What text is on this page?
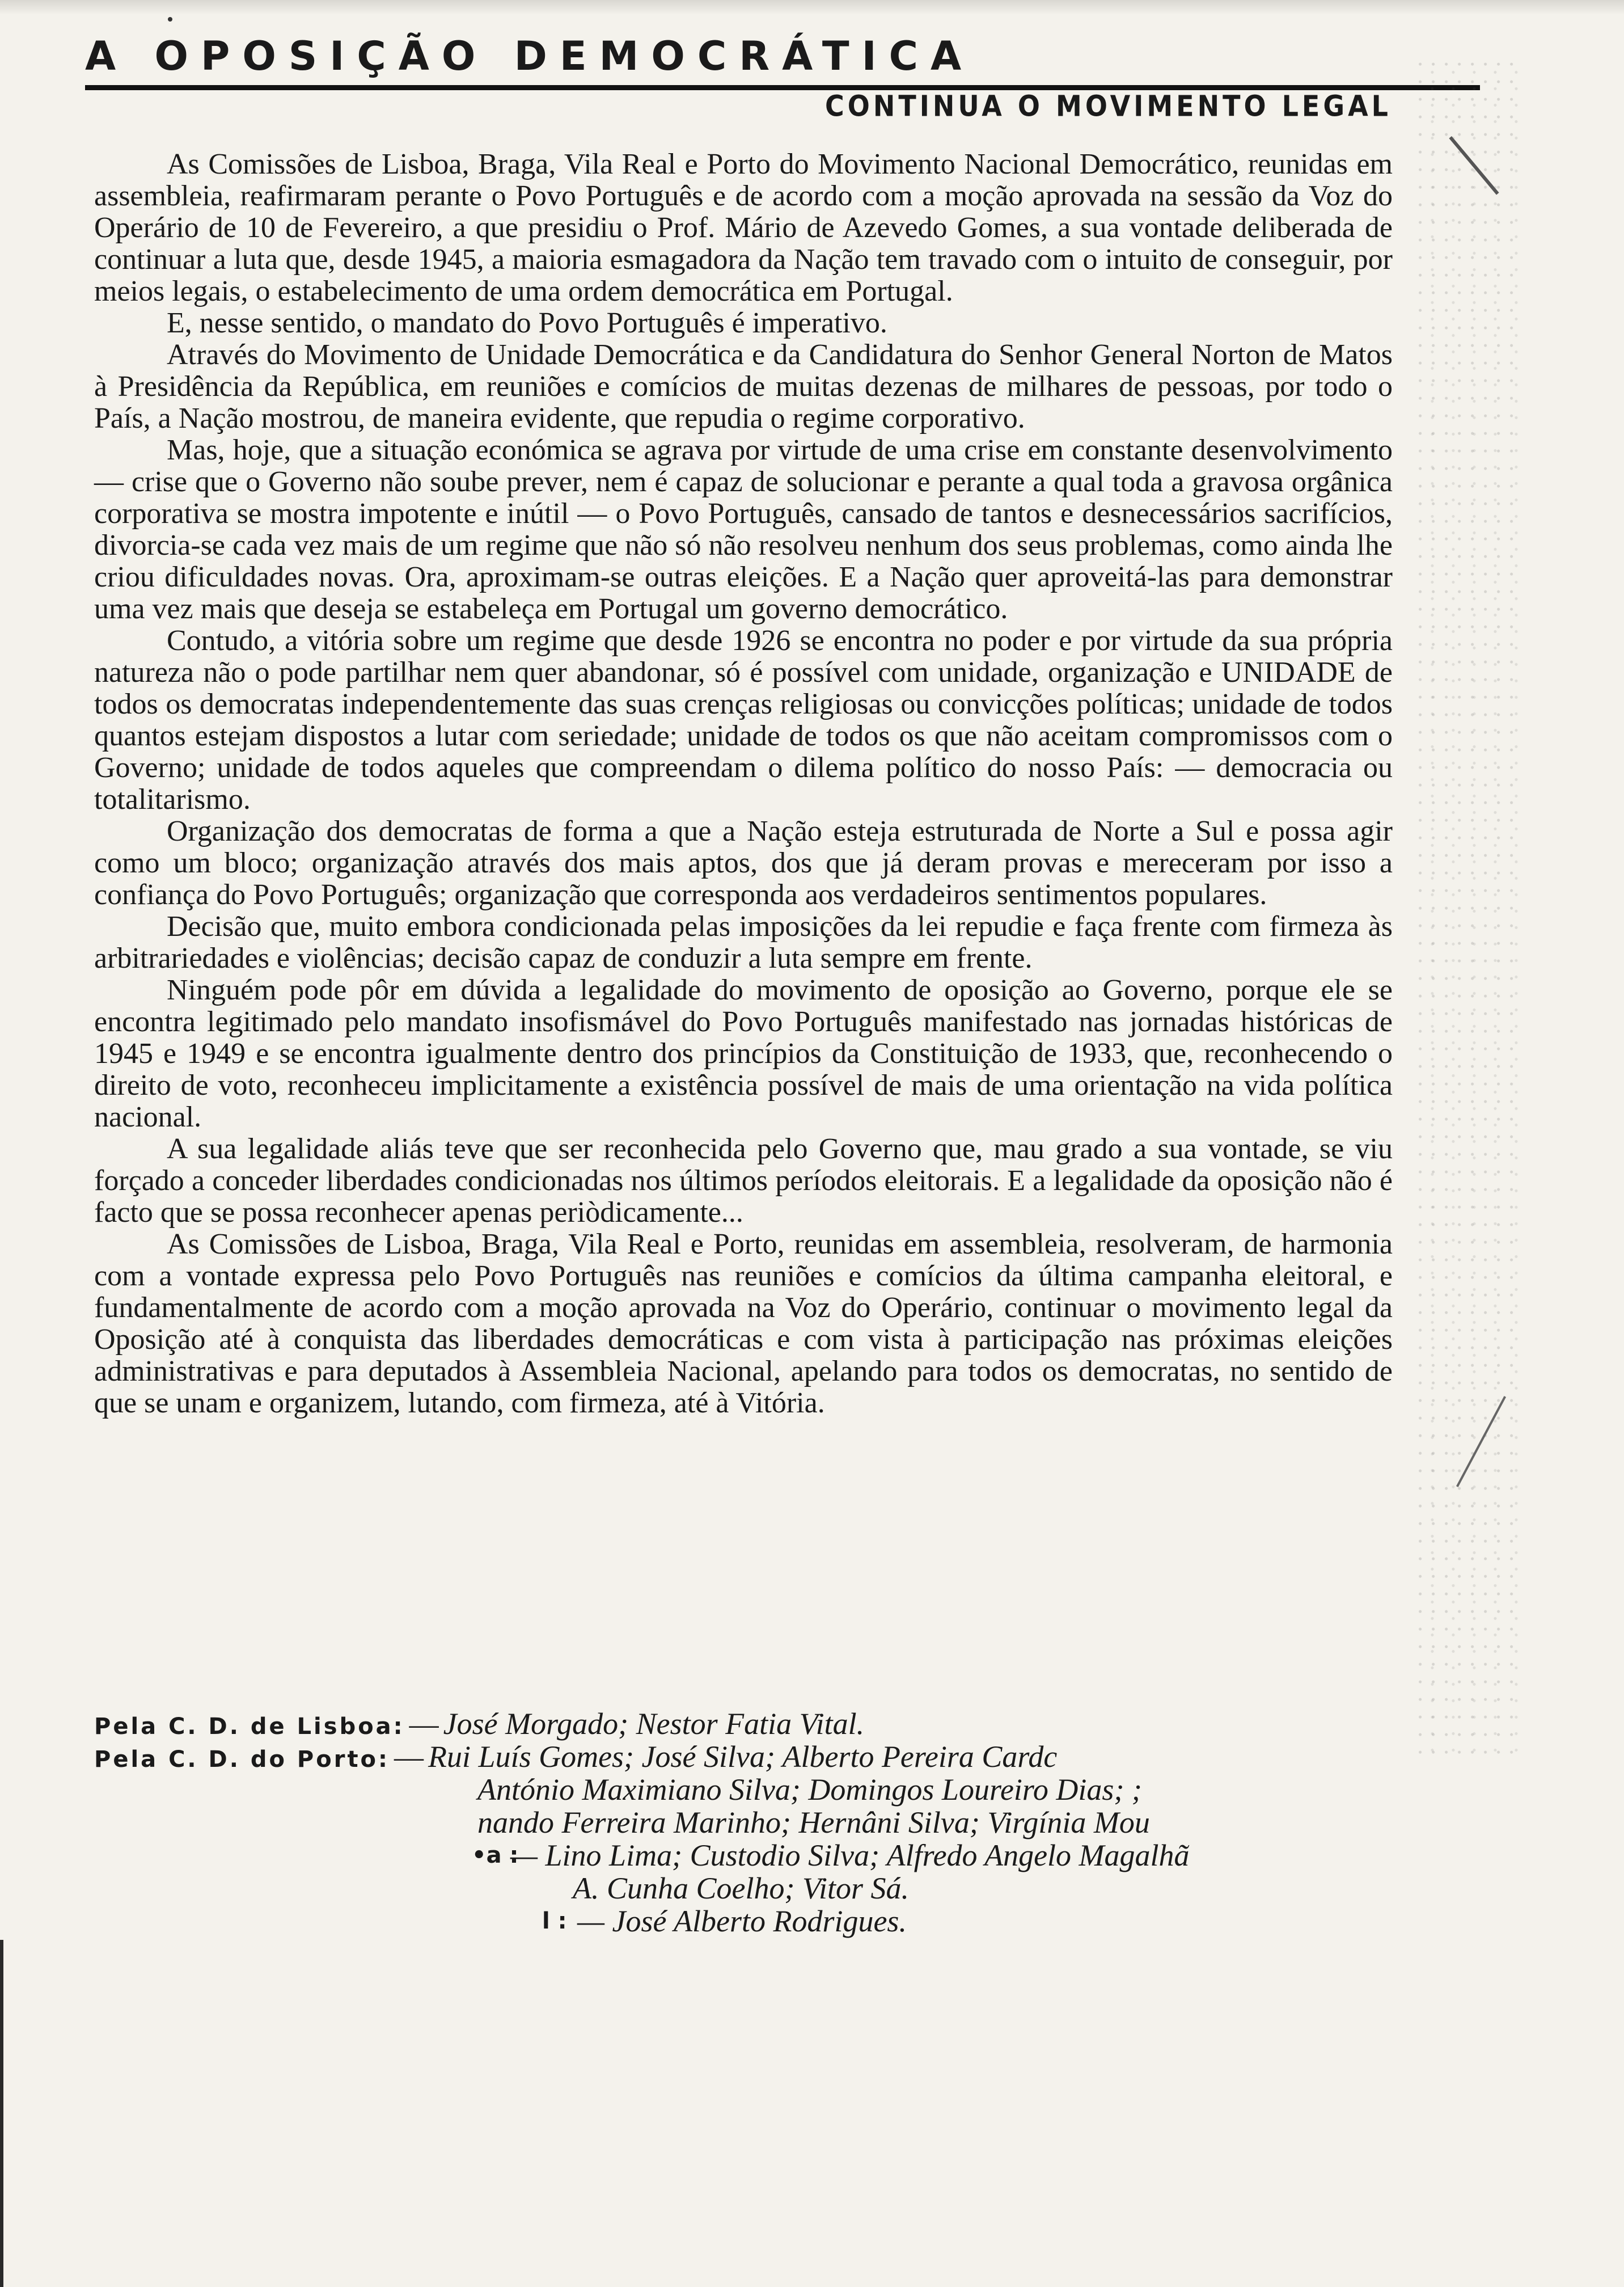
A OPOSIÇÃO DEMOCRÁTICA
CONTINUA O MOVIMENTO LEGAL

As Comissões de Lisboa, Braga, Vila Real e Porto do Movimento Nacional Democrático, reunidas em assembleia, reafirmaram perante o Povo Português e de acordo com a moção aprovada na sessão da Voz do Operário de 10 de Fevereiro, a que presidiu o Prof. Mário de Azevedo Gomes, a sua vontade deliberada de continuar a luta que, desde 1945, a maioria esmagadora da Nação tem travado com o intuito de conseguir, por meios legais, o estabelecimento de uma ordem democrática em Portugal.

E, nesse sentido, o mandato do Povo Português é imperativo.

Através do Movimento de Unidade Democrática e da Candidatura do Senhor General Norton de Matos à Presidência da República, em reuniões e comícios de muitas dezenas de milhares de pessoas, por todo o País, a Nação mostrou, de maneira evidente, que repudia o regime corporativo.

Mas, hoje, que a situação económica se agrava por virtude de uma crise em constante desenvolvimento — crise que o Governo não soube prever, nem é capaz de solucionar e perante a qual toda a gravosa orgânica corporativa se mostra impotente e inútil — o Povo Português, cansado de tantos e desnecessários sacrifícios, divorcia-se cada vez mais de um regime que não só não resolveu nenhum dos seus problemas, como ainda lhe criou dificuldades novas. Ora, aproximam-se outras eleições. E a Nação quer aproveitá-las para demonstrar uma vez mais que deseja se estabeleça em Portugal um governo democrático.

Contudo, a vitória sobre um regime que desde 1926 se encontra no poder e por virtude da sua própria natureza não o pode partilhar nem quer abandonar, só é possível com unidade, organização e UNIDADE de todos os democratas independentemente das suas crenças religiosas ou convicções políticas; unidade de todos quantos estejam dispostos a lutar com seriedade; unidade de todos os que não aceitam compromissos com o Governo; unidade de todos aqueles que compreendam o dilema político do nosso País: — democracia ou totalitarismo.

Organização dos democratas de forma a que a Nação esteja estruturada de Norte a Sul e possa agir como um bloco; organização através dos mais aptos, dos que já deram provas e mereceram por isso a confiança do Povo Português; organização que corresponda aos verdadeiros sentimentos populares.

Decisão que, muito embora condicionada pelas imposições da lei repudie e faça frente com firmeza às arbitrariedades e violências; decisão capaz de conduzir a luta sempre em frente.

Ninguém pode pôr em dúvida a legalidade do movimento de oposição ao Governo, porque ele se encontra legitimado pelo mandato insofismável do Povo Português manifestado nas jornadas históricas de 1945 e 1949 e se encontra igualmente dentro dos princípios da Constituição de 1933, que, reconhecendo o direito de voto, reconheceu implicitamente a existência possível de mais de uma orientação na vida política nacional.

A sua legalidade aliás teve que ser reconhecida pelo Governo que, mau grado a sua vontade, se viu forçado a conceder liberdades condicionadas nos últimos períodos eleitorais. E a legalidade da oposição não é facto que se possa reconhecer apenas periòdicamente...

As Comissões de Lisboa, Braga, Vila Real e Porto, reunidas em assembleia, resolveram, de harmonia com a vontade expressa pelo Povo Português nas reuniões e comícios da última campanha eleitoral, e fundamentalmente de acordo com a moção aprovada na Voz do Operário, continuar o movimento legal da Oposição até à conquista das liberdades democráticas e com vista à participação nas próximas eleições administrativas e para deputados à Assembleia Nacional, apelando para todos os democratas, no sentido de que se unam e organizem, lutando, com firmeza, até à Vitória.

Pela C. D. de Lisboa: — José Morgado; Nestor Fatia Vital.
Pela C. D. do Porto: — Rui Luís Gomes; José Silva; Alberto Pereira Cardc
António Maximiano Silva; Domingos Loureiro Dias; ;
nando Ferreira Marinho; Hernâni Silva; Virgínia Mou
•a :
— Lino Lima; Custodio Silva; Alfredo Angelo Magalhã
A. Cunha Coelho; Vitor Sá.
l : — José Alberto Rodrigues.
